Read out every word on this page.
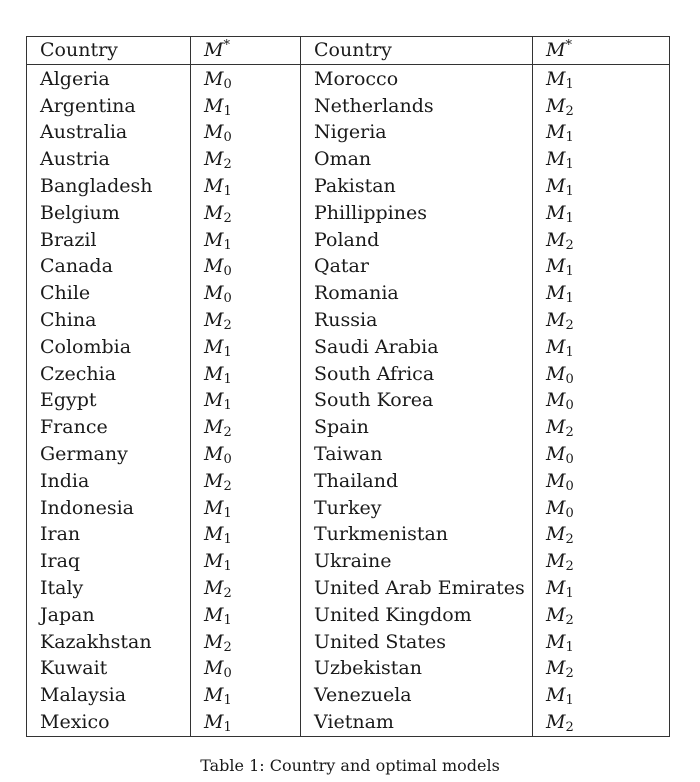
Country	M*	Country	M*
Algeria	$M_0$	Morocco	$M_1$
Argentina	$M_1$	Netherlands	$M_2$
Australia	$M_0$	Nigeria	$M_1$
Austria	$M_2$	Oman	$M_1$
Bangladesh	$M_1$	Pakistan	$M_1$
Belgium	$M_2$	Phillippines	$M_1$
Brazil	$M_1$	Poland	$M_2$
Canada	$M_0$	Qatar	$M_1$
Chile	$M_0$	Romania	$M_1$
China	$M_2$	Russia	$M_2$
Colombia	$M_1$	Saudi Arabia	$M_1$
Czechia	$M_1$	South Africa	$M_0$
Egypt	$M_1$	South Korea	$M_0$
France	$M_2$	Spain	$M_2$
Germany	$M_0$	Taiwan	$M_0$
India	$M_2$	Thailand	$M_0$
Indonesia	$M_1$	Turkey	$M_0$
Iran	$M_1$	Turkmenistan	$M_2$
Iraq	$M_1$	Ukraine	$M_2$
Italy	$M_2$	United Arab Emirates	$M_1$
Japan	$M_1$	United Kingdom	$M_2$
Kazakhstan	$M_2$	United States	$M_1$
Kuwait	$M_0$	Uzbekistan	$M_2$
Malaysia	$M_1$	Venezuela	$M_1$
Mexico	$M_1$	Vietnam	$M_2$
Table 1: Country and optimal models
